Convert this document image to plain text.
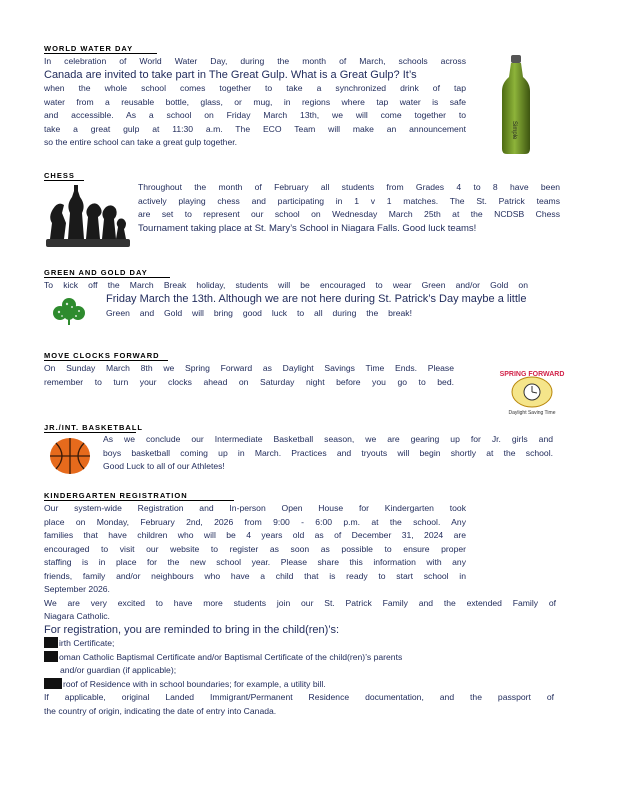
WORLD WATER DAY

In celebration of World Water Day, during the month of March, schools across

Canada are invited to take part in The Great Gulp. What is a Great Gulp? It’s

when the whole school comes together to take a synchronized drink of tap

water from a reusable bottle, glass, or mug, in regions where tap water is safe

and accessible. As a school on Friday March 13th, we will come together to

take a great gulp at 11:30 a.m. The ECO Team will make an announcement

so the entire school can take a great gulp together.

Simple
CHESS

Throughout the month of February all students from Grades 4 to 8 have been

actively playing chess and participating in 1 v 1 matches. The St. Patrick teams

are set to represent our school on Wednesday March 25th at the NCDSB Chess

Tournament taking place at St. Mary’s School in Niagara Falls. Good luck teams!

GREEN AND GOLD DAY

To kick off the March Break holiday, students will be encouraged to wear Green and/or Gold on

Friday March the 13th. Although we are not here during St. Patrick’s Day maybe a little

Green and Gold will bring good luck to all during the break!

MOVE CLOCKS FORWARD

On Sunday March 8th we Spring Forward as Daylight Savings Time Ends. Please

remember to turn your clocks ahead on Saturday night before you go to bed.

SPRING FORWARD
Daylight Saving Time
JR./INT. BASKETBALL

As we conclude our Intermediate Basketball season, we are gearing up for Jr. girls and

boys basketball coming up in March. Practices and tryouts will begin shortly at the school.

Good Luck to all of our Athletes!

KINDERGARTEN REGISTRATION

Our system-wide Registration and In-person Open House for Kindergarten took

place on Monday, February 2nd, 2026 from 9:00 - 6:00 p.m. at the school. Any

families that have children who will be 4 years old as of December 31, 2024 are

encouraged to visit our website to register as soon as possible to ensure proper

staffing is in place for the new school year. Please share this information with any

friends, family and/or neighbours who have a child that is ready to start school in

September 2026.

We are very excited to have more students join our St. Patrick Family and the extended Family of

Niagara Catholic.

For registration, you are reminded to bring in the child(ren)’s:

irth Certificate;

oman Catholic Baptismal Certificate and/or Baptismal Certificate of the child(ren)’s parents

and/or guardian (if applicable);

roof of Residence with in school boundaries; for example, a utility bill.

If applicable, original Landed Immigrant/Permanent Residence documentation, and the passport of

the country of origin, indicating the date of entry into Canada.
